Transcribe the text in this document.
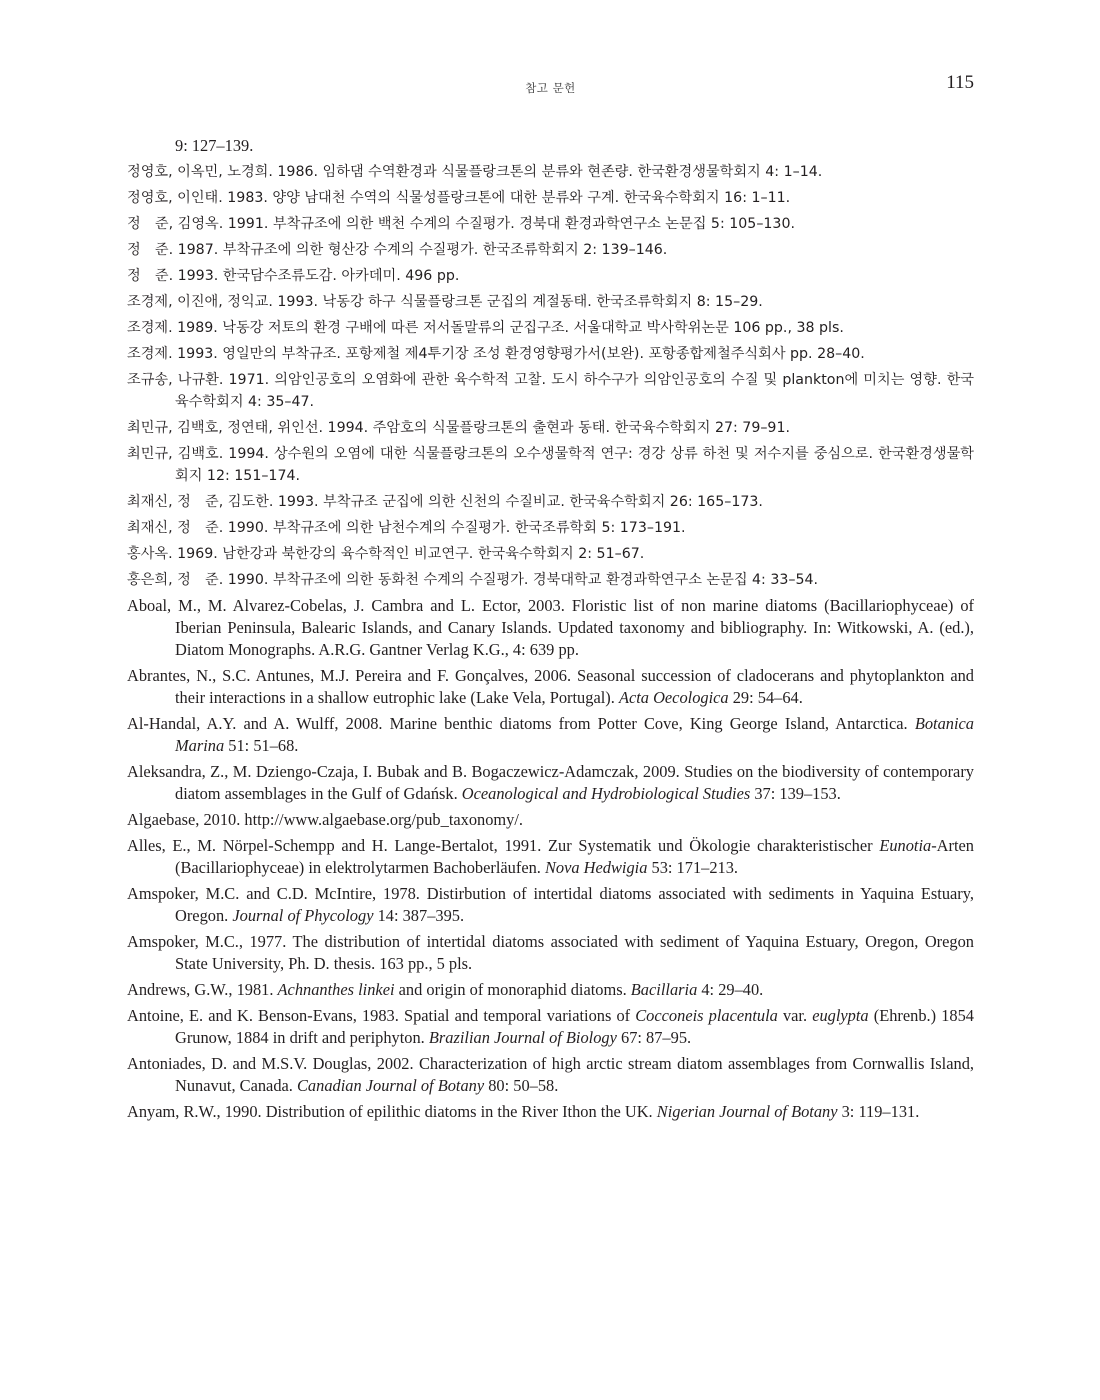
참고 문헌	115

9: 127–139.

정영호, 이옥민, 노경희. 1986. 임하댐 수역환경과 식물플랑크톤의 분류와 현존량. 한국환경생물학회지 4: 1–14.

정영호, 이인태. 1983. 양양 남대천 수역의 식물성플랑크톤에 대한 분류와 구계. 한국육수학회지 16: 1–11.

정　준, 김영옥. 1991. 부착규조에 의한 백천 수계의 수질평가. 경북대 환경과학연구소 논문집 5: 105–130.

정　준. 1987. 부착규조에 의한 형산강 수계의 수질평가. 한국조류학회지 2: 139–146.

정　준. 1993. 한국담수조류도감. 아카데미. 496 pp.

조경제, 이진애, 정익교. 1993. 낙동강 하구 식물플랑크톤 군집의 계절동태. 한국조류학회지 8: 15–29.

조경제. 1989. 낙동강 저토의 환경 구배에 따른 저서돌말류의 군집구조. 서울대학교 박사학위논문 106 pp., 38 pls.

조경제. 1993. 영일만의 부착규조. 포항제철 제4투기장 조성 환경영향평가서(보완). 포항종합제철주식회사 pp. 28–40.

조규송, 나규환. 1971. 의암인공호의 오염화에 관한 육수학적 고찰. 도시 하수구가 의암인공호의 수질 및 plankton에 미치는 영향. 한국육수학회지 4: 35–47.

최민규, 김백호, 정연태, 위인선. 1994. 주암호의 식물플랑크톤의 출현과 동태. 한국육수학회지 27: 79–91.

최민규, 김백호. 1994. 상수원의 오염에 대한 식물플랑크톤의 오수생물학적 연구: 경강 상류 하천 및 저수지를 중심으로. 한국환경생물학회지 12: 151–174.

최재신, 정　준, 김도한. 1993. 부착규조 군집에 의한 신천의 수질비교. 한국육수학회지 26: 165–173.

최재신, 정　준. 1990. 부착규조에 의한 남천수계의 수질평가. 한국조류학회 5: 173–191.

홍사옥. 1969. 남한강과 북한강의 육수학적인 비교연구. 한국육수학회지 2: 51–67.

홍은희, 정　준. 1990. 부착규조에 의한 동화천 수계의 수질평가. 경북대학교 환경과학연구소 논문집 4: 33–54.

Aboal, M., M. Alvarez-Cobelas, J. Cambra and L. Ector, 2003. Floristic list of non marine diatoms (Bacillariophyceae) of Iberian Peninsula, Balearic Islands, and Canary Islands. Updated taxonomy and bibliography. In: Witkowski, A. (ed.), Diatom Monographs. A.R.G. Gantner Verlag K.G., 4: 639 pp.

Abrantes, N., S.C. Antunes, M.J. Pereira and F. Gonçalves, 2006. Seasonal succession of cladocerans and phytoplankton and their interactions in a shallow eutrophic lake (Lake Vela, Portugal). Acta Oecologica 29: 54–64.

Al-Handal, A.Y. and A. Wulff, 2008. Marine benthic diatoms from Potter Cove, King George Island, Antarctica. Botanica Marina 51: 51–68.

Aleksandra, Z., M. Dziengo-Czaja, I. Bubak and B. Bogaczewicz-Adamczak, 2009. Studies on the biodiversity of contemporary diatom assemblages in the Gulf of Gdańsk. Oceanological and Hydrobiological Studies 37: 139–153.

Algaebase, 2010. http://www.algaebase.org/pub_taxonomy/.

Alles, E., M. Nörpel-Schempp and H. Lange-Bertalot, 1991. Zur Systematik und Ökologie charakteristischer Eunotia-Arten (Bacillariophyceae) in elektrolytarmen Bachoberläufen. Nova Hedwigia 53: 171–213.

Amspoker, M.C. and C.D. McIntire, 1978. Distirbution of intertidal diatoms associated with sediments in Yaquina Estuary, Oregon. Journal of Phycology 14: 387–395.

Amspoker, M.C., 1977. The distribution of intertidal diatoms associated with sediment of Yaquina Estuary, Oregon, Oregon State University, Ph. D. thesis. 163 pp., 5 pls.

Andrews, G.W., 1981. Achnanthes linkei and origin of monoraphid diatoms. Bacillaria 4: 29–40.

Antoine, E. and K. Benson-Evans, 1983. Spatial and temporal variations of Cocconeis placentula var. euglypta (Ehrenb.) 1854 Grunow, 1884 in drift and periphyton. Brazilian Journal of Biology 67: 87–95.

Antoniades, D. and M.S.V. Douglas, 2002. Characterization of high arctic stream diatom assemblages from Cornwallis Island, Nunavut, Canada. Canadian Journal of Botany 80: 50–58.

Anyam, R.W., 1990. Distribution of epilithic diatoms in the River Ithon the UK. Nigerian Journal of Botany 3: 119–131.
